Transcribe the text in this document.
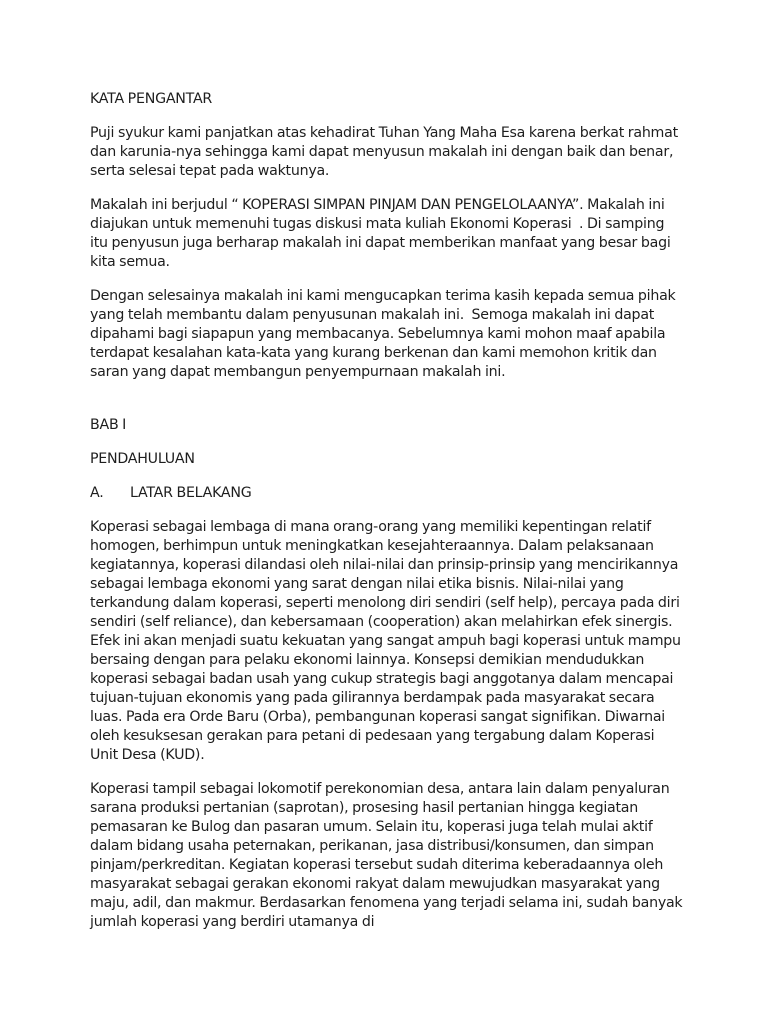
KATA PENGANTAR

Puji syukur kami panjatkan atas kehadirat Tuhan Yang Maha Esa karena berkat rahmat dan karunia-nya sehingga kami dapat menyusun makalah ini dengan baik dan benar, serta selesai tepat pada waktunya.

Makalah ini berjudul “ KOPERASI SIMPAN PINJAM DAN PENGELOLAANYA”. Makalah ini diajukan untuk memenuhi tugas diskusi mata kuliah Ekonomi Koperasi  . Di samping itu penyusun juga berharap makalah ini dapat memberikan manfaat yang besar bagi kita semua.

Dengan selesainya makalah ini kami mengucapkan terima kasih kepada semua pihak yang telah membantu dalam penyusunan makalah ini.  Semoga makalah ini dapat dipahami bagi siapapun yang membacanya. Sebelumnya kami mohon maaf apabila terdapat kesalahan kata-kata yang kurang berkenan dan kami memohon kritik dan saran yang dapat membangun penyempurnaan makalah ini.

BAB I

PENDAHULUAN

A.	LATAR BELAKANG

Koperasi sebagai lembaga di mana orang-orang yang memiliki kepentingan relatif homogen, berhimpun untuk meningkatkan kesejahteraannya. Dalam pelaksanaan kegiatannya, koperasi dilandasi oleh nilai-nilai dan prinsip-prinsip yang mencirikannya sebagai lembaga ekonomi yang sarat dengan nilai etika bisnis. Nilai-nilai yang terkandung dalam koperasi, seperti menolong diri sendiri (self help), percaya pada diri sendiri (self reliance), dan kebersamaan (cooperation) akan melahirkan efek sinergis. Efek ini akan menjadi suatu kekuatan yang sangat ampuh bagi koperasi untuk mampu bersaing dengan para pelaku ekonomi lainnya. Konsepsi demikian mendudukkan koperasi sebagai badan usah yang cukup strategis bagi anggotanya dalam mencapai tujuan-tujuan ekonomis yang pada gilirannya berdampak pada masyarakat secara luas. Pada era Orde Baru (Orba), pembangunan koperasi sangat signifikan. Diwarnai oleh kesuksesan gerakan para petani di pedesaan yang tergabung dalam Koperasi Unit Desa (KUD).

Koperasi tampil sebagai lokomotif perekonomian desa, antara lain dalam penyaluran sarana produksi pertanian (saprotan), prosesing hasil pertanian hingga kegiatan pemasaran ke Bulog dan pasaran umum. Selain itu, koperasi juga telah mulai aktif dalam bidang usaha peternakan, perikanan, jasa distribusi/konsumen, dan simpan pinjam/perkreditan. Kegiatan koperasi tersebut sudah diterima keberadaannya oleh masyarakat sebagai gerakan ekonomi rakyat dalam mewujudkan masyarakat yang maju, adil, dan makmur. Berdasarkan fenomena yang terjadi selama ini, sudah banyak jumlah koperasi yang berdiri utamanya di
